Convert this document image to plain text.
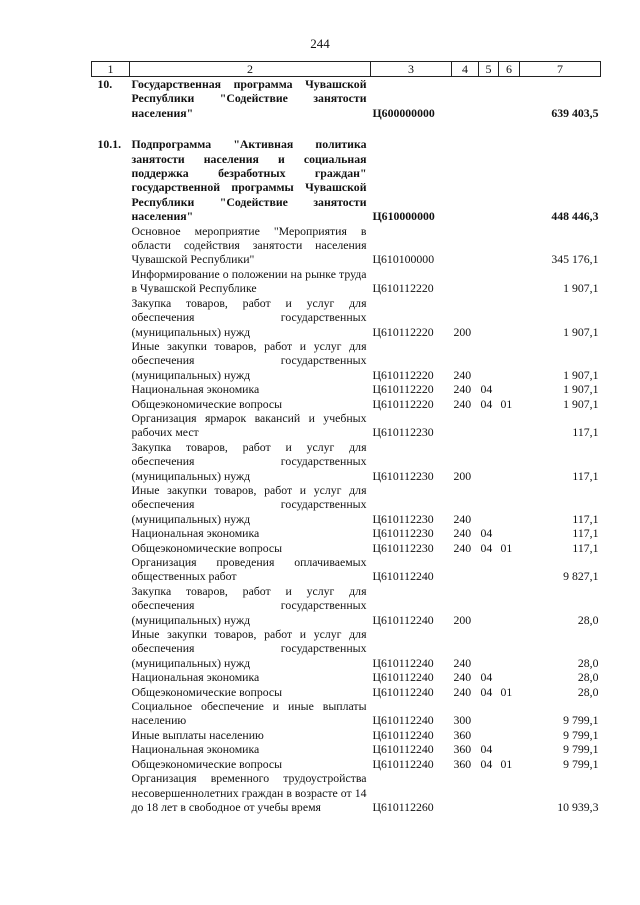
244
1	2	3	4	5	6	7
10.	Государственная программа Чувашской Республики "Содействие занятости населения"	Ц600000000				639 403,5
10.1.	Подпрограмма "Активная политика занятости населения и социальная поддержка безработных граждан" государственной программы Чувашской Республики "Содействие занятости населения"	Ц610000000				448 446,3
	Основное мероприятие "Мероприятия в области содействия занятости населения Чувашской Республики"	Ц610100000				345 176,1
	Информирование о положении на рынке труда в Чувашской Республике	Ц610112220				1 907,1
	Закупка товаров, работ и услуг для обеспечения государственных (муниципальных) нужд	Ц610112220	200			1 907,1
	Иные закупки товаров, работ и услуг для обеспечения государственных (муниципальных) нужд	Ц610112220	240			1 907,1
	Национальная экономика	Ц610112220	240	04		1 907,1
	Общеэкономические вопросы	Ц610112220	240	04	01	1 907,1
	Организация ярмарок вакансий и учебных рабочих мест	Ц610112230				117,1
	Закупка товаров, работ и услуг для обеспечения государственных (муниципальных) нужд	Ц610112230	200			117,1
	Иные закупки товаров, работ и услуг для обеспечения государственных (муниципальных) нужд	Ц610112230	240			117,1
	Национальная экономика	Ц610112230	240	04		117,1
	Общеэкономические вопросы	Ц610112230	240	04	01	117,1
	Организация проведения оплачиваемых общественных работ	Ц610112240				9 827,1
	Закупка товаров, работ и услуг для обеспечения государственных (муниципальных) нужд	Ц610112240	200			28,0
	Иные закупки товаров, работ и услуг для обеспечения государственных (муниципальных) нужд	Ц610112240	240			28,0
	Национальная экономика	Ц610112240	240	04		28,0
	Общеэкономические вопросы	Ц610112240	240	04	01	28,0
	Социальное обеспечение и иные выплаты населению	Ц610112240	300			9 799,1
	Иные выплаты населению	Ц610112240	360			9 799,1
	Национальная экономика	Ц610112240	360	04		9 799,1
	Общеэкономические вопросы	Ц610112240	360	04	01	9 799,1
	Организация временного трудоустройства несовершеннолетних граждан в возрасте от 14 до 18 лет в свободное от учебы время	Ц610112260				10 939,3
